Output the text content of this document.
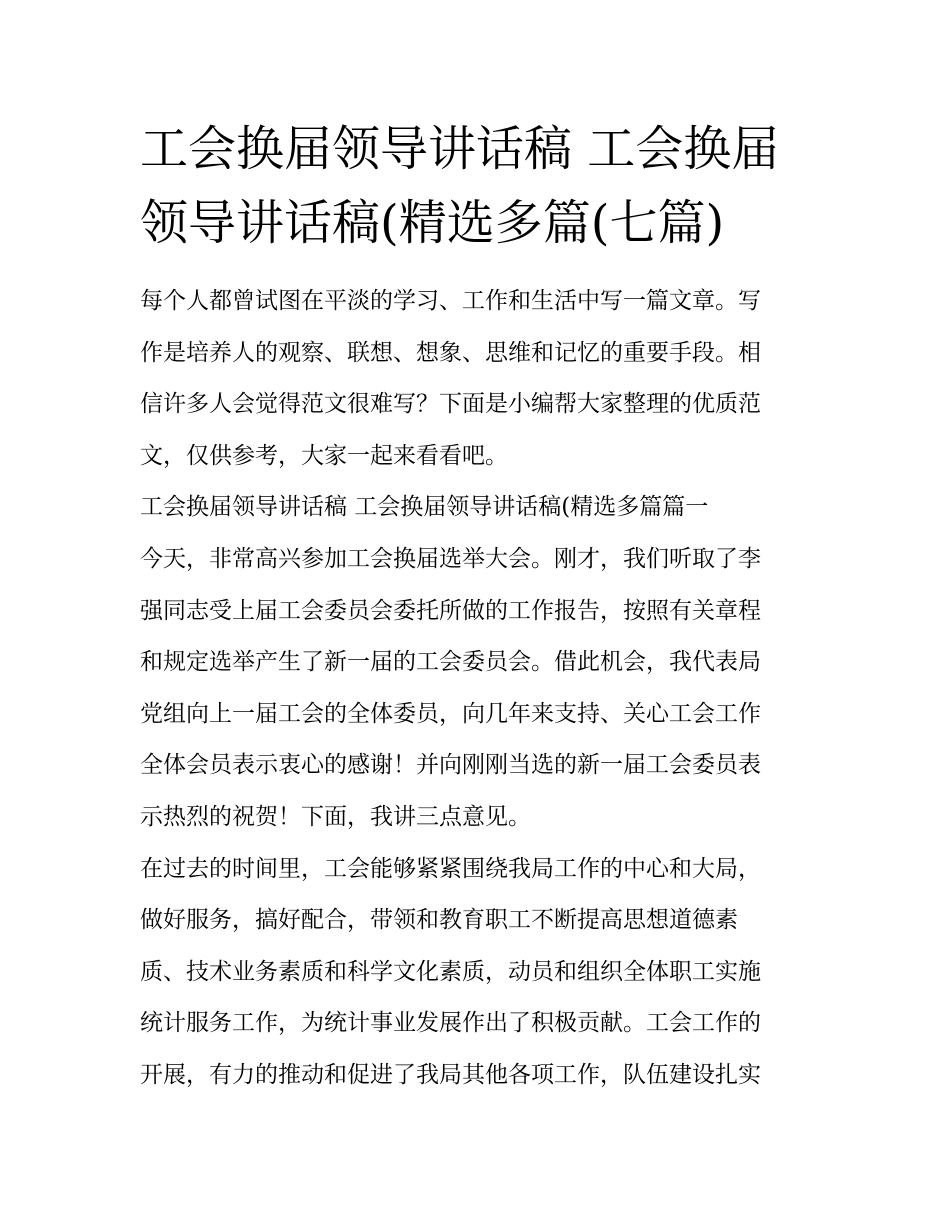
工会换届领导讲话稿 工会换届
领导讲话稿(精选多篇(七篇)
每个人都曾试图在平淡的学习、工作和生活中写一篇文章。写
作是培养人的观察、联想、想象、思维和记忆的重要手段。相
信许多人会觉得范文很难写？下面是小编帮大家整理的优质范
文，仅供参考，大家一起来看看吧。
工会换届领导讲话稿 工会换届领导讲话稿(精选多篇篇一
今天，非常高兴参加工会换届选举大会。刚才，我们听取了李
强同志受上届工会委员会委托所做的工作报告，按照有关章程
和规定选举产生了新一届的工会委员会。借此机会，我代表局
党组向上一届工会的全体委员，向几年来支持、关心工会工作
全体会员表示衷心的感谢！并向刚刚当选的新一届工会委员表
示热烈的祝贺！下面，我讲三点意见。
在过去的时间里，工会能够紧紧围绕我局工作的中心和大局，
做好服务，搞好配合，带领和教育职工不断提高思想道德素
质、技术业务素质和科学文化素质，动员和组织全体职工实施
统计服务工作，为统计事业发展作出了积极贡献。工会工作的
开展，有力的推动和促进了我局其他各项工作，队伍建设扎实
